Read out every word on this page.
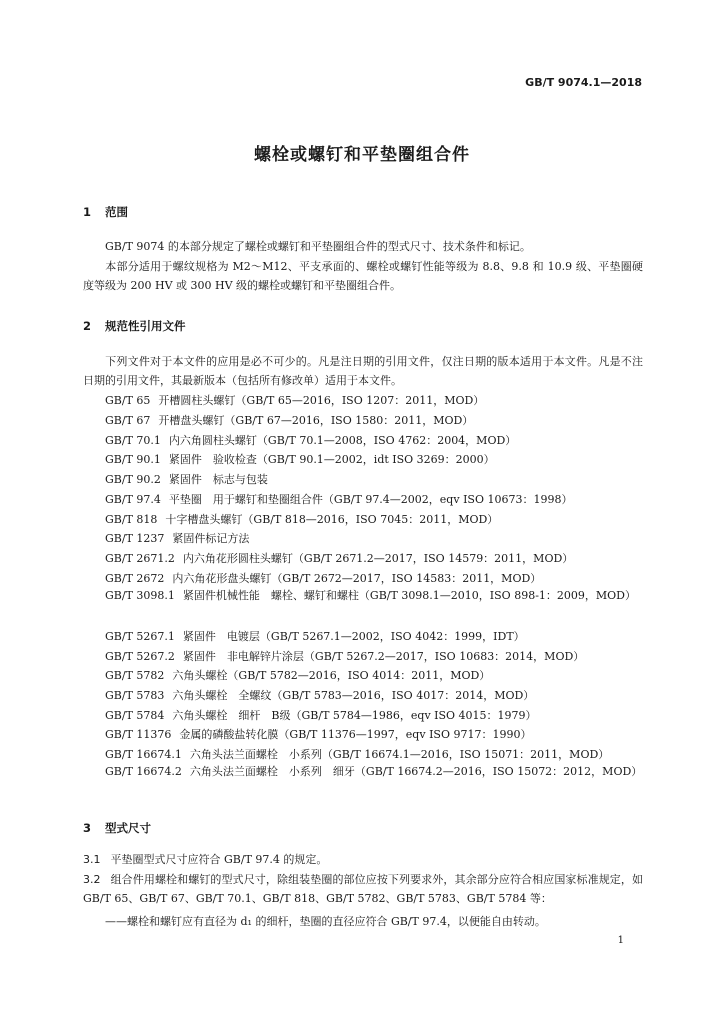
GB/T 9074.1—2018
螺栓或螺钉和平垫圈组合件
1 范围
GB/T 9074 的本部分规定了螺栓或螺钉和平垫圈组合件的型式尺寸、技术条件和标记。
本部分适用于螺纹规格为 M2～M12、平支承面的、螺栓或螺钉性能等级为 8.8、9.8 和 10.9 级、平垫圈硬度等级为 200 HV 或 300 HV 级的螺栓或螺钉和平垫圈组合件。
2 规范性引用文件
下列文件对于本文件的应用是必不可少的。凡是注日期的引用文件，仅注日期的版本适用于本文件。凡是不注日期的引用文件，其最新版本（包括所有修改单）适用于本文件。
GB/T 65 开槽圆柱头螺钉（GB/T 65—2016，ISO 1207：2011，MOD）
GB/T 67 开槽盘头螺钉（GB/T 67—2016，ISO 1580：2011，MOD）
GB/T 70.1 内六角圆柱头螺钉（GB/T 70.1—2008，ISO 4762：2004，MOD）
GB/T 90.1 紧固件　验收检查（GB/T 90.1—2002，idt ISO 3269：2000）
GB/T 90.2 紧固件　标志与包装
GB/T 97.4 平垫圈　用于螺钉和垫圈组合件（GB/T 97.4—2002，eqv ISO 10673：1998）
GB/T 818 十字槽盘头螺钉（GB/T 818—2016，ISO 7045：2011，MOD）
GB/T 1237 紧固件标记方法
GB/T 2671.2 内六角花形圆柱头螺钉（GB/T 2671.2—2017，ISO 14579：2011，MOD）
GB/T 2672 内六角花形盘头螺钉（GB/T 2672—2017，ISO 14583：2011，MOD）
GB/T 3098.1 紧固件机械性能　螺栓、螺钉和螺柱（GB/T 3098.1—2010，ISO 898-1：2009，MOD）
GB/T 5267.1 紧固件　电镀层（GB/T 5267.1—2002，ISO 4042：1999，IDT）
GB/T 5267.2 紧固件　非电解锌片涂层（GB/T 5267.2—2017，ISO 10683：2014，MOD）
GB/T 5782 六角头螺栓（GB/T 5782—2016，ISO 4014：2011，MOD）
GB/T 5783 六角头螺栓　全螺纹（GB/T 5783—2016，ISO 4017：2014，MOD）
GB/T 5784 六角头螺栓　细杆　B级（GB/T 5784—1986，eqv ISO 4015：1979）
GB/T 11376 金属的磷酸盐转化膜（GB/T 11376—1997，eqv ISO 9717：1990）
GB/T 16674.1 六角头法兰面螺栓　小系列（GB/T 16674.1—2016，ISO 15071：2011，MOD）
GB/T 16674.2 六角头法兰面螺栓　小系列　细牙（GB/T 16674.2—2016，ISO 15072：2012，MOD）
3 型式尺寸
3.1 平垫圈型式尺寸应符合 GB/T 97.4 的规定。
3.2 组合件用螺栓和螺钉的型式尺寸，除组装垫圈的部位应按下列要求外，其余部分应符合相应国家标准规定，如 GB/T 65、GB/T 67、GB/T 70.1、GB/T 818、GB/T 5782、GB/T 5783、GB/T 5784 等：
——螺栓和螺钉应有直径为 d₁ 的细杆，垫圈的直径应符合 GB/T 97.4，以便能自由转动。
1
